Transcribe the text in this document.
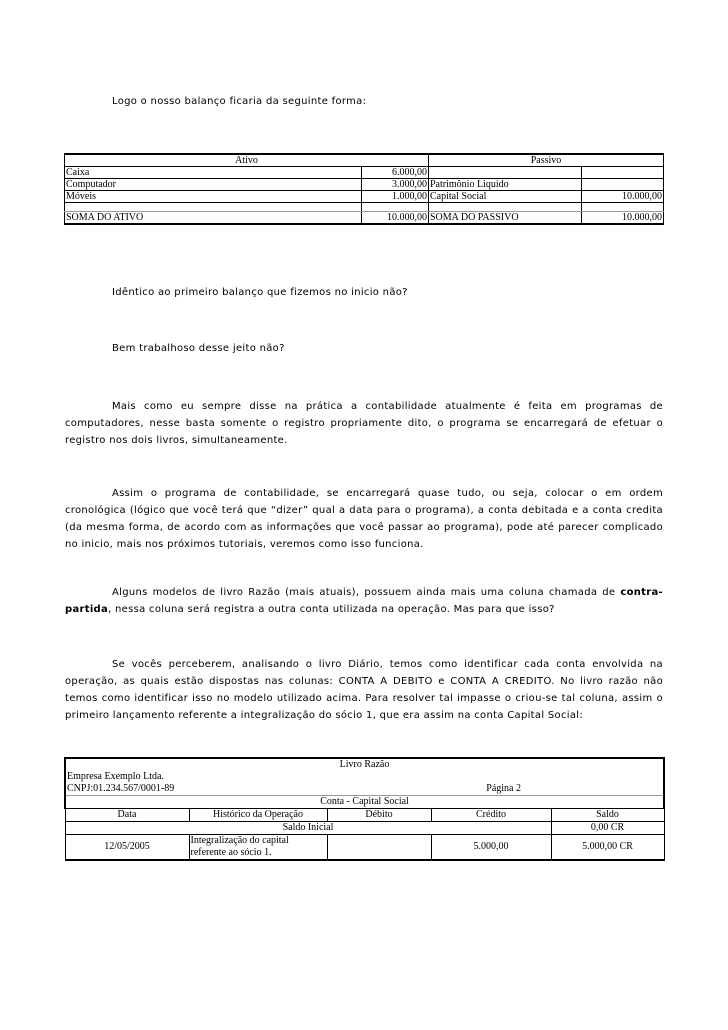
Logo o nosso balanço ficaria da seguinte forma:
Ativo		Passivo	
Caixa	6.000,00		
Computador	3.000,00	Patrimônio Liquido	
Móveis	1.000,00	Capital Social	10.000,00

SOMA DO ATIVO	10.000,00	SOMA DO PASSIVO	10.000,00
Idêntico ao primeiro balanço que fizemos no inicio não?
Bem trabalhoso desse jeito não?
Mais como eu sempre disse na prática a contabilidade atualmente é feita em programas de computadores, nesse basta somente o registro propriamente dito, o programa se encarregará de efetuar o registro nos dois livros, simultaneamente.
Assim o programa de contabilidade, se encarregará quase tudo, ou seja, colocar o em ordem cronológica (lógico que você terá que “dizer” qual a data para o programa), a conta debitada e a conta credita (da mesma forma, de acordo com as informações que você passar ao programa), pode até parecer complicado no inicio, mais nos próximos tutoriais, veremos como isso funciona.
Alguns modelos de livro Razão (mais atuais), possuem ainda mais uma coluna chamada de contra-partida, nessa coluna será registra a outra conta utilizada na operação. Mas para que isso?
Se vocês perceberem, analisando o livro Diário, temos como identificar cada conta envolvida na operação, as quais estão dispostas nas colunas: CONTA A DEBITO e CONTA A CREDITO. No livro razão não temos como identificar isso no modelo utilizado acima. Para resolver tal impasse o criou-se tal coluna, assim o primeiro lançamento referente a integralização do sócio 1, que era assim na conta Capital Social:
Livro Razão				
Empresa Exemplo Ltda.				
CNPJ:01.234.567/0001-89		Página 2		
Conta - Capital Social				
Data	Histórico da Operação	Débito	Crédito	Saldo
Saldo Inicial				0,00 CR
12/05/2005	Integralização do capital referente ao sócio 1.		5.000,00	5.000,00 CR
